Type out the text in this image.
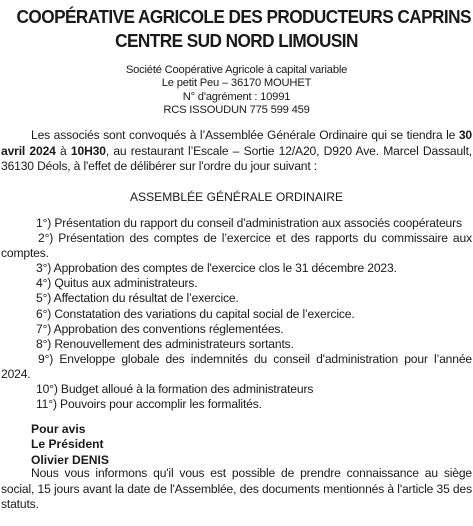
COOPÉRATIVE AGRICOLE DES PRODUCTEURS CAPRINS
CENTRE SUD NORD LIMOUSIN
Société Coopérative Agricole à capital variable
Le petit Peu – 36170 MOUHET
N° d'agrément : 10991
RCS ISSOUDUN 775 599 459
Les associés sont convoqués à l’Assemblée Générale Ordinaire qui se tiendra le 30 avril 2024 à 10H30, au restaurant l’Escale – Sortie 12/A20, D920 Ave. Marcel Dassault, 36130 Déols, à l'effet de délibérer sur l'ordre du jour suivant :
ASSEMBLÉE GÉNÉRALE ORDINAIRE
1°) Présentation du rapport du conseil d'administration aux associés coopérateurs
2°) Présentation des comptes de l’exercice et des rapports du commissaire aux comptes.
3°) Approbation des comptes de l'exercice clos le 31 décembre 2023.
4°) Quitus aux administrateurs.
5°) Affectation du résultat de l’exercice.
6°) Constatation des variations du capital social de l’exercice.
7°) Approbation des conventions réglementées.
8°) Renouvellement des administrateurs sortants.
9°) Enveloppe globale des indemnités du conseil d'administration pour l’année 2024.
10°) Budget alloué à la formation des administrateurs
11°) Pouvoirs pour accomplir les formalités.
Pour avis
Le Président
Olivier DENIS
Nous vous informons qu'il vous est possible de prendre connaissance au siège social, 15 jours avant la date de l'Assemblée, des documents mentionnés à l'article 35 des statuts.
